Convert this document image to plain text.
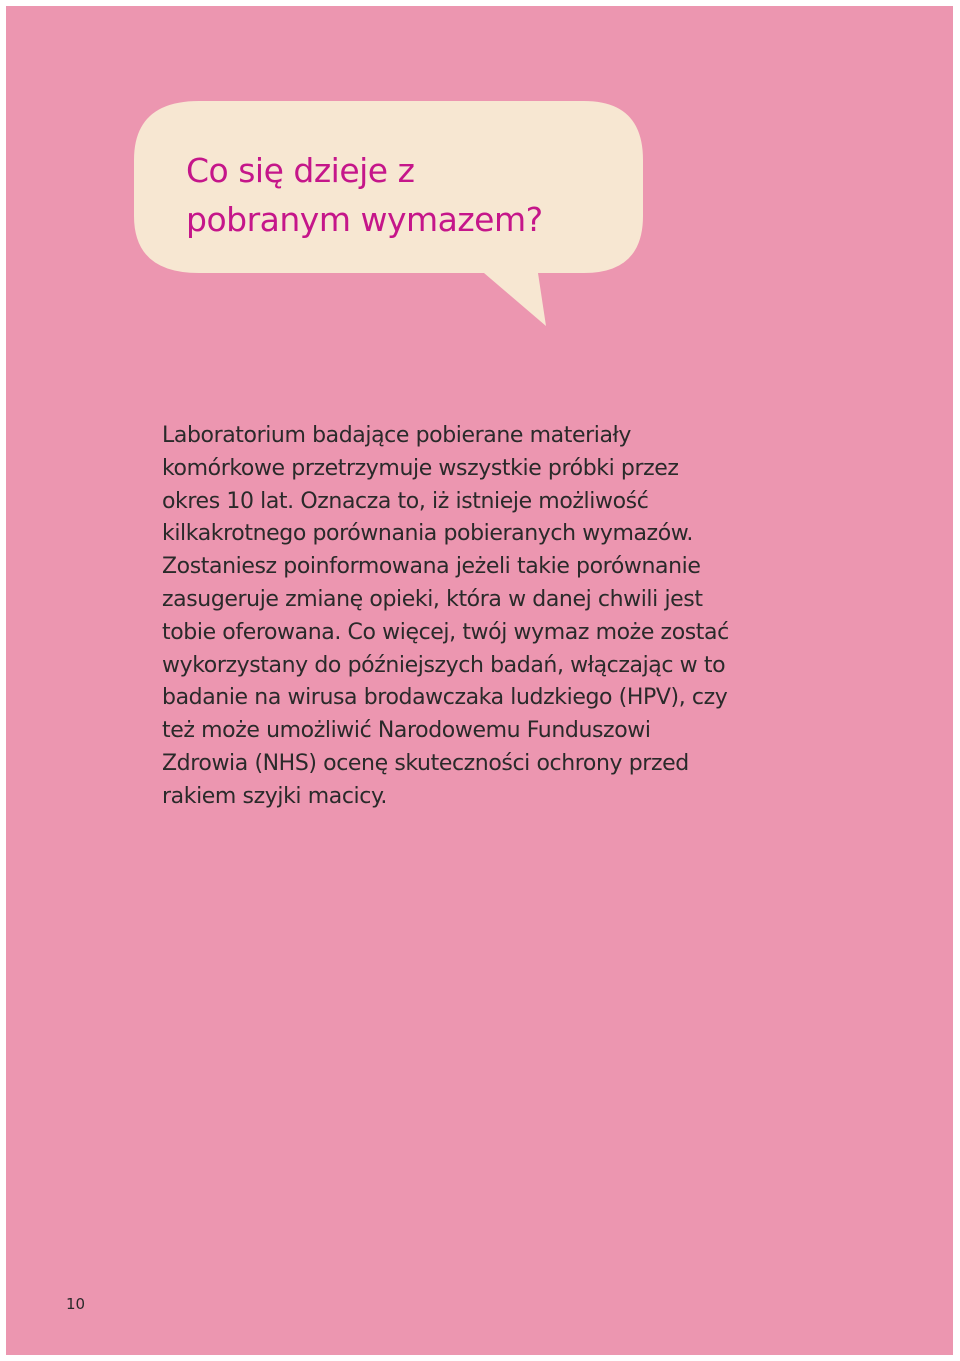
Co się dzieje z
pobranym wymazem?

Laboratorium badające pobierane materiały
komórkowe przetrzymuje wszystkie próbki przez
okres 10 lat. Oznacza to, iż istnieje możliwość
kilkakrotnego porównania pobieranych wymazów.
Zostaniesz poinformowana jeżeli takie porównanie
zasugeruje zmianę opieki, która w danej chwili jest
tobie oferowana. Co więcej, twój wymaz może zostać
wykorzystany do późniejszych badań, włączając w to
badanie na wirusa brodawczaka ludzkiego (HPV), czy
też może umożliwić Narodowemu Funduszowi
Zdrowia (NHS) ocenę skuteczności ochrony przed
rakiem szyjki macicy.

10
